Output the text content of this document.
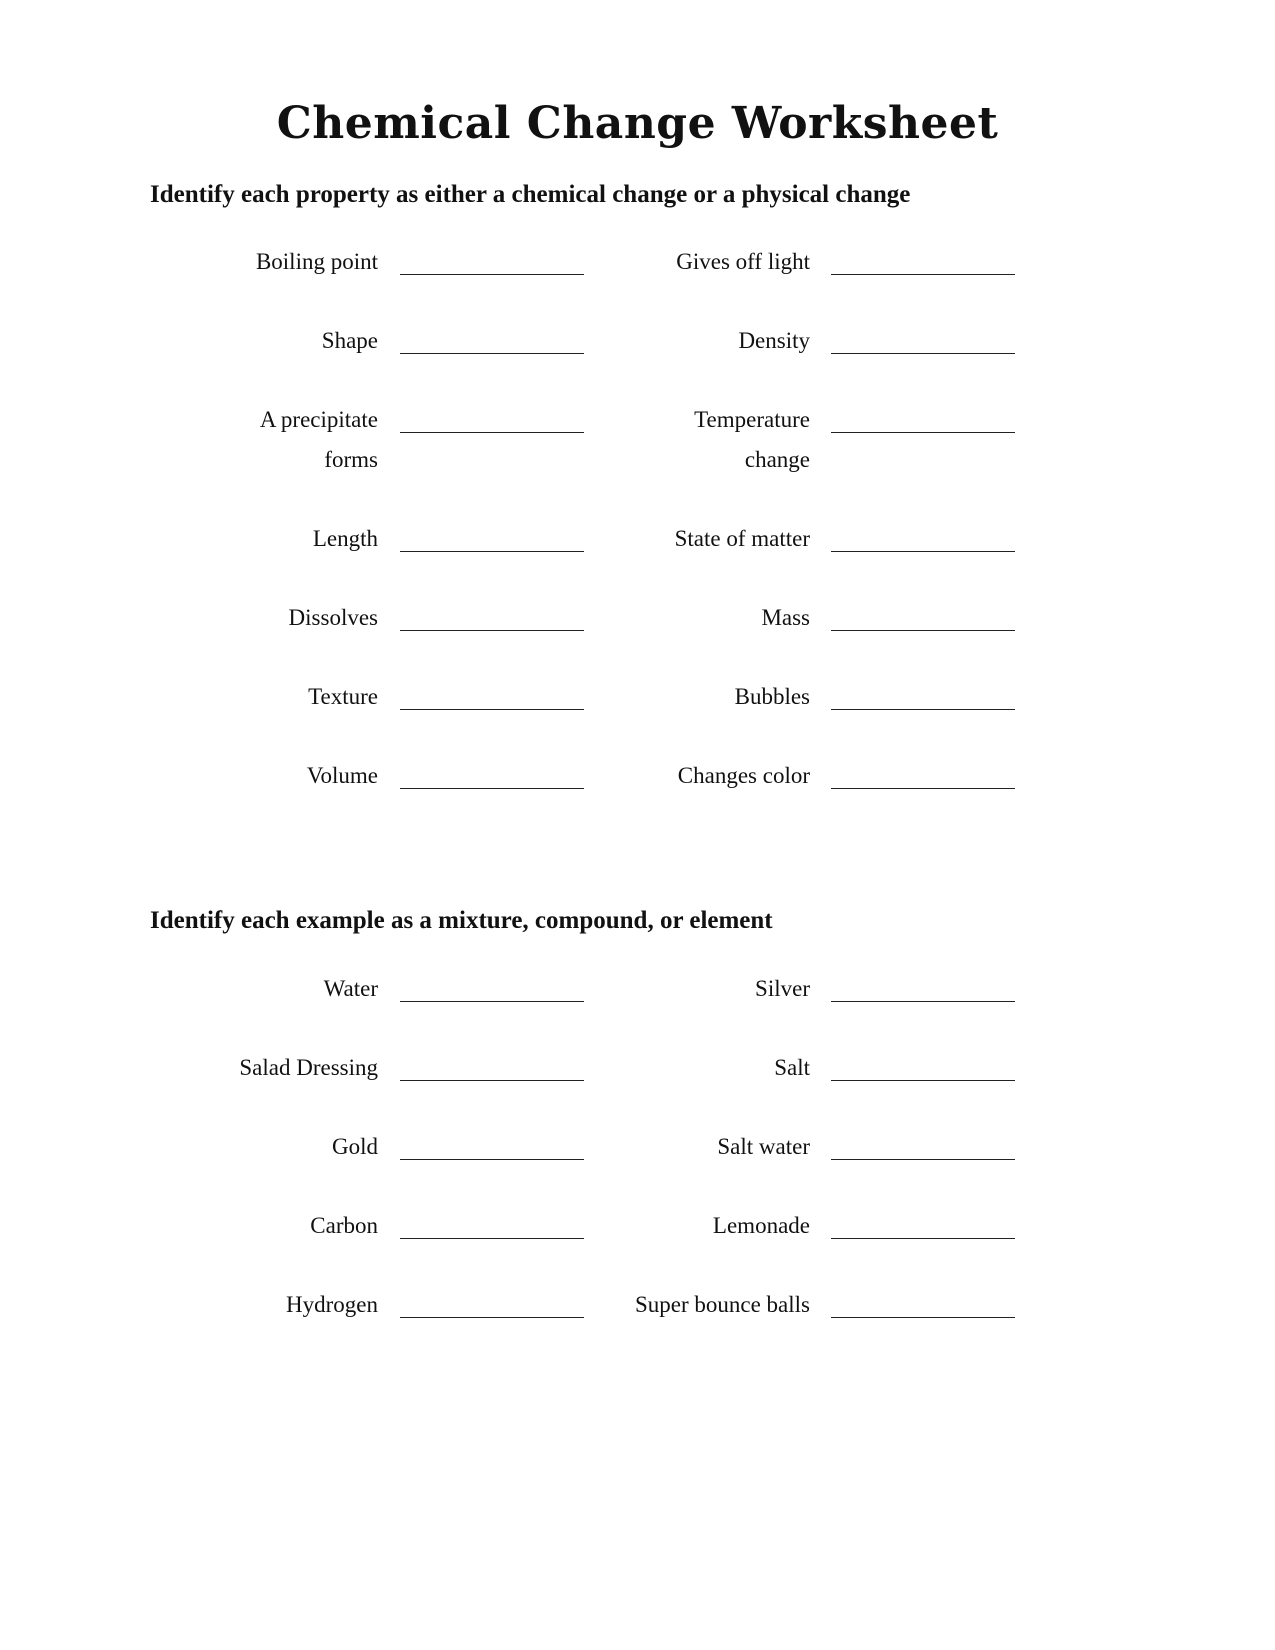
Chemical Change Worksheet
Identify each property as either a chemical change or a physical change
Boiling point
Shape
A precipitate
forms
Length
Dissolves
Texture
Volume
Gives off light
Density
Temperature
change
State of matter
Mass
Bubbles
Changes color
Identify each example as a mixture, compound, or element
Water
Salad Dressing
Gold
Carbon
Hydrogen
Silver
Salt
Salt water
Lemonade
Super bounce balls
